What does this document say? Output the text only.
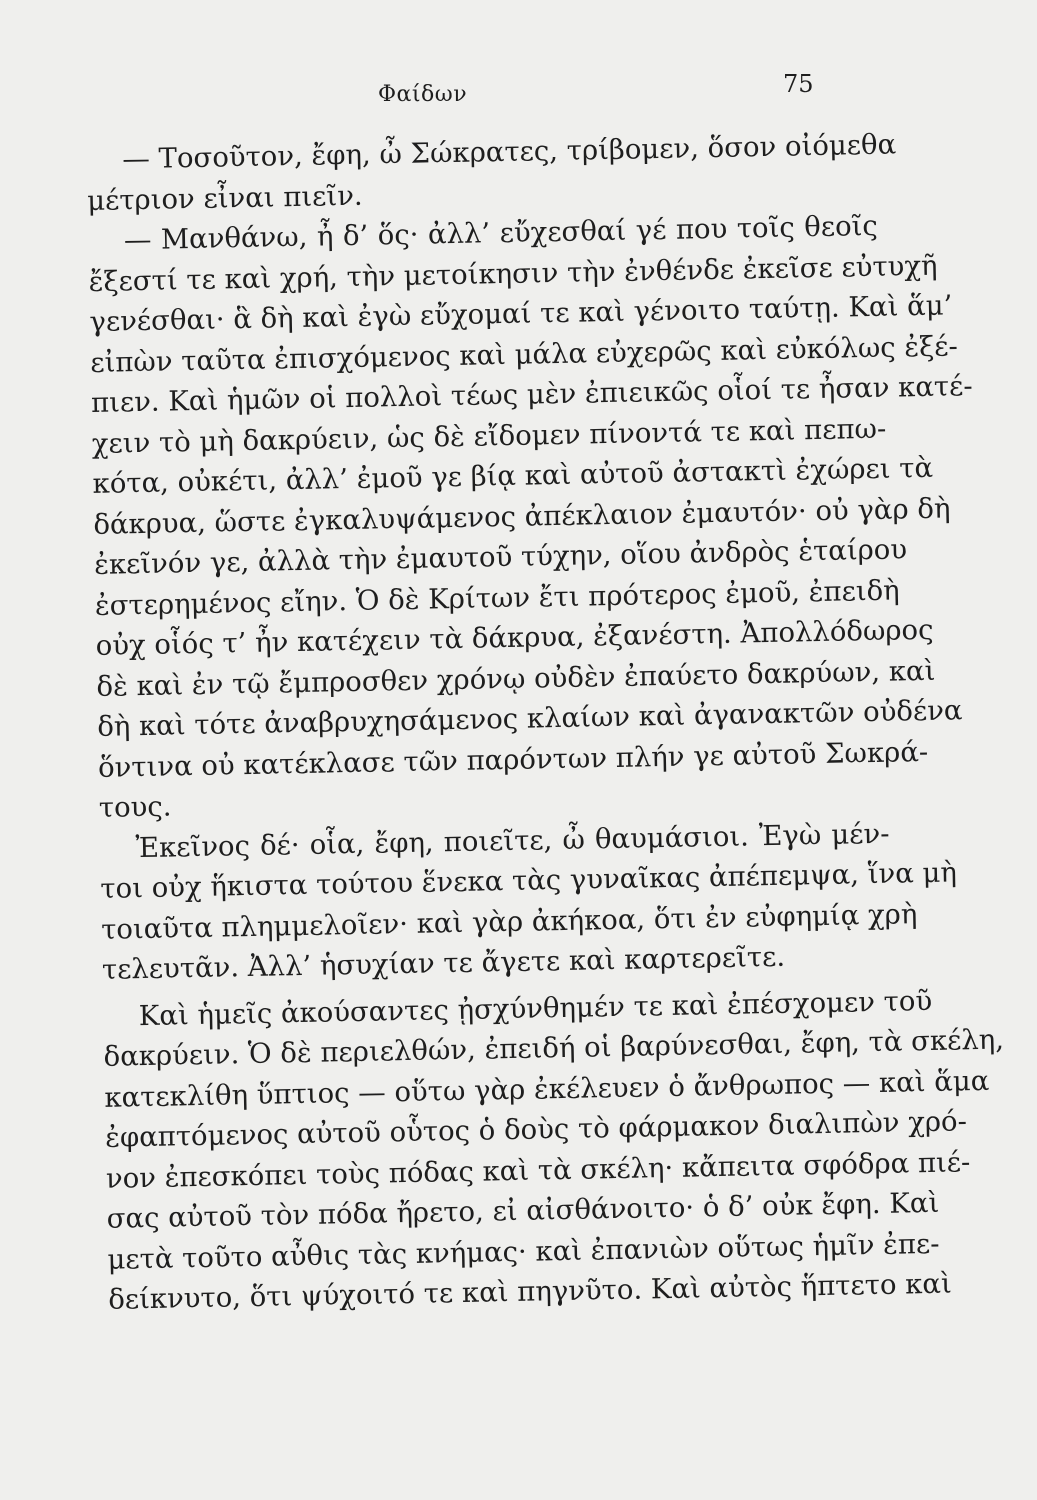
Φαίδων	75
— Τοσοῦτον, ἔφη, ὦ Σώκρατες, τρίβομεν, ὅσον οἰόμεθα
μέτριον εἶναι πιεῖν.
— Μανθάνω, ἦ δ’ ὅς· ἀλλ’ εὔχεσθαί γέ που τοῖς θεοῖς
ἔξεστί τε καὶ χρή, τὴν μετοίκησιν τὴν ἐνθένδε ἐκεῖσε εὐτυχῆ
γενέσθαι· ἃ δὴ καὶ ἐγὼ εὔχομαί τε καὶ γένοιτο ταύτῃ. Καὶ ἅμ’
εἰπὼν ταῦτα ἐπισχόμενος καὶ μάλα εὐχερῶς καὶ εὐκόλως ἐξέ-
πιεν. Καὶ ἡμῶν οἱ πολλοὶ τέως μὲν ἐπιεικῶς οἷοί τε ἦσαν κατέ-
χειν τὸ μὴ δακρύειν, ὡς δὲ εἴδομεν πίνοντά τε καὶ πεπω-
κότα, οὐκέτι, ἀλλ’ ἐμοῦ γε βίᾳ καὶ αὐτοῦ ἀστακτὶ ἐχώρει τὰ
δάκρυα, ὥστε ἐγκαλυψάμενος ἀπέκλαιον ἐμαυτόν· οὐ γὰρ δὴ
ἐκεῖνόν γε, ἀλλὰ τὴν ἐμαυτοῦ τύχην, οἵου ἀνδρὸς ἑταίρου
ἐστερημένος εἴην. Ὁ δὲ Κρίτων ἔτι πρότερος ἐμοῦ, ἐπειδὴ
οὐχ οἷός τ’ ἦν κατέχειν τὰ δάκρυα, ἐξανέστη. Ἀπολλόδωρος
δὲ καὶ ἐν τῷ ἔμπροσθεν χρόνῳ οὐδὲν ἐπαύετο δακρύων, καὶ
δὴ καὶ τότε ἀναβρυχησάμενος κλαίων καὶ ἀγανακτῶν οὐδένα
ὅντινα οὐ κατέκλασε τῶν παρόντων πλήν γε αὐτοῦ Σωκρά-
τους.
Ἐκεῖνος δέ· οἷα, ἔφη, ποιεῖτε, ὦ θαυμάσιοι. Ἐγὼ μέν-
τοι οὐχ ἥκιστα τούτου ἕνεκα τὰς γυναῖκας ἀπέπεμψα, ἵνα μὴ
τοιαῦτα πλημμελοῖεν· καὶ γὰρ ἀκήκοα, ὅτι ἐν εὐφημίᾳ χρὴ
τελευτᾶν. Ἀλλ’ ἡσυχίαν τε ἄγετε καὶ καρτερεῖτε.
Καὶ ἡμεῖς ἀκούσαντες ᾐσχύνθημέν τε καὶ ἐπέσχομεν τοῦ
δακρύειν. Ὁ δὲ περιελθών, ἐπειδή οἱ βαρύνεσθαι, ἔφη, τὰ σκέλη,
κατεκλίθη ὕπτιος — οὕτω γὰρ ἐκέλευεν ὁ ἄνθρωπος — καὶ ἅμα
ἐφαπτόμενος αὐτοῦ οὗτος ὁ δοὺς τὸ φάρμακον διαλιπὼν χρό-
νον ἐπεσκόπει τοὺς πόδας καὶ τὰ σκέλη· κἄπειτα σφόδρα πιέ-
σας αὐτοῦ τὸν πόδα ἤρετο, εἰ αἰσθάνοιτο· ὁ δ’ οὐκ ἔφη. Καὶ
μετὰ τοῦτο αὖθις τὰς κνήμας· καὶ ἐπανιὼν οὕτως ἡμῖν ἐπε-
δείκνυτο, ὅτι ψύχοιτό τε καὶ πηγνῦτο. Καὶ αὐτὸς ἥπτετο καὶ
